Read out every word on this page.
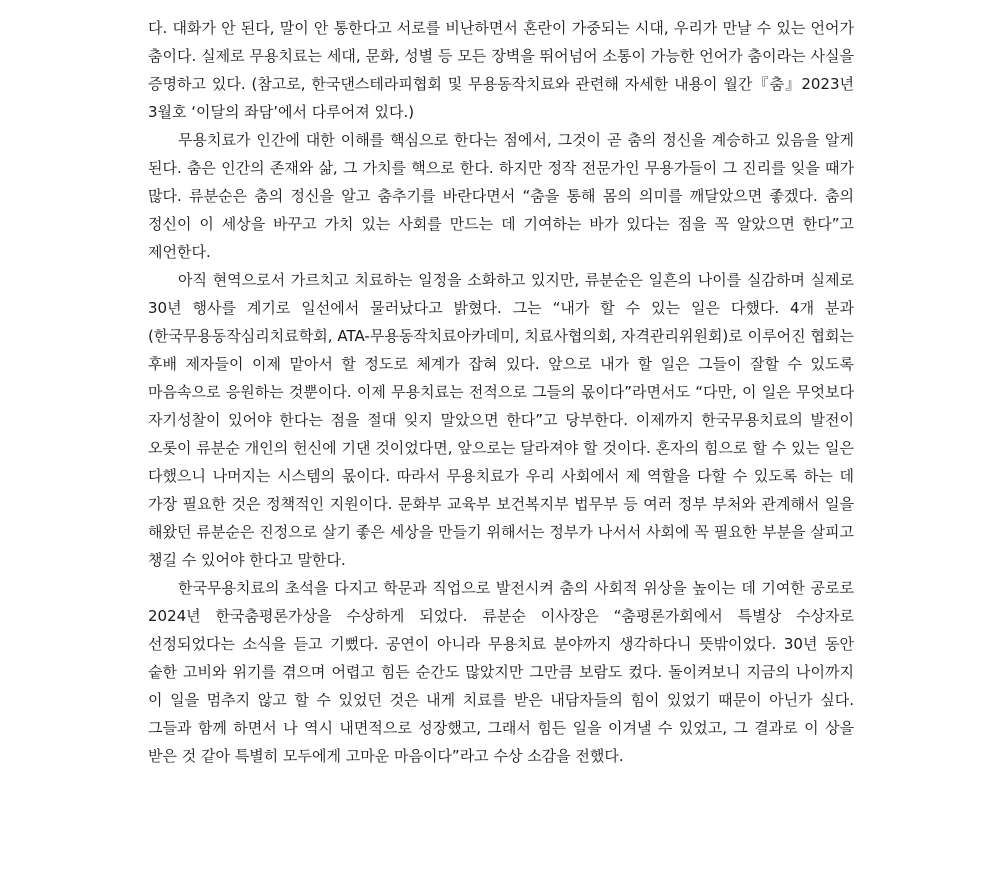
다. 대화가 안 된다, 말이 안 통한다고 서로를 비난하면서 혼란이 가중되는 시대, 우리가 만날 수 있는 언어가 춤이다. 실제로 무용치료는 세대, 문화, 성별 등 모든 장벽을 뛰어넘어 소통이 가능한 언어가 춤이라는 사실을 증명하고 있다. (참고로, 한국댄스테라피협회 및 무용동작치료와 관련해 자세한 내용이 월간『춤』2023년 3월호 ‘이달의 좌담’에서 다루어져 있다.)

무용치료가 인간에 대한 이해를 핵심으로 한다는 점에서, 그것이 곧 춤의 정신을 계승하고 있음을 알게 된다. 춤은 인간의 존재와 삶, 그 가치를 핵으로 한다. 하지만 정작 전문가인 무용가들이 그 진리를 잊을 때가 많다. 류분순은 춤의 정신을 알고 춤추기를 바란다면서 “춤을 통해 몸의 의미를 깨달았으면 좋겠다. 춤의 정신이 이 세상을 바꾸고 가치 있는 사회를 만드는 데 기여하는 바가 있다는 점을 꼭 알았으면 한다”고 제언한다.

아직 현역으로서 가르치고 치료하는 일정을 소화하고 있지만, 류분순은 일흔의 나이를 실감하며 실제로 30년 행사를 계기로 일선에서 물러났다고 밝혔다. 그는 “내가 할 수 있는 일은 다했다. 4개 분과(한국무용동작심리치료학회, ATA-무용동작치료아카데미, 치료사협의회, 자격관리위원회)로 이루어진 협회는 후배 제자들이 이제 맡아서 할 정도로 체계가 잡혀 있다. 앞으로 내가 할 일은 그들이 잘할 수 있도록 마음속으로 응원하는 것뿐이다. 이제 무용치료는 전적으로 그들의 몫이다”라면서도 “다만, 이 일은 무엇보다 자기성찰이 있어야 한다는 점을 절대 잊지 말았으면 한다”고 당부한다. 이제까지 한국무용치료의 발전이 오롯이 류분순 개인의 헌신에 기댄 것이었다면, 앞으로는 달라져야 할 것이다. 혼자의 힘으로 할 수 있는 일은 다했으니 나머지는 시스템의 몫이다. 따라서 무용치료가 우리 사회에서 제 역할을 다할 수 있도록 하는 데 가장 필요한 것은 정책적인 지원이다. 문화부 교육부 보건복지부 법무부 등 여러 정부 부처와 관계해서 일을 해왔던 류분순은 진정으로 살기 좋은 세상을 만들기 위해서는 정부가 나서서 사회에 꼭 필요한 부분을 살피고 챙길 수 있어야 한다고 말한다.

한국무용치료의 초석을 다지고 학문과 직업으로 발전시켜 춤의 사회적 위상을 높이는 데 기여한 공로로 2024년 한국춤평론가상을 수상하게 되었다. 류분순 이사장은 “춤평론가회에서 특별상 수상자로 선정되었다는 소식을 듣고 기뻤다. 공연이 아니라 무용치료 분야까지 생각하다니 뜻밖이었다. 30년 동안 숱한 고비와 위기를 겪으며 어렵고 힘든 순간도 많았지만 그만큼 보람도 컸다. 돌이켜보니 지금의 나이까지 이 일을 멈추지 않고 할 수 있었던 것은 내게 치료를 받은 내담자들의 힘이 있었기 때문이 아닌가 싶다. 그들과 함께 하면서 나 역시 내면적으로 성장했고, 그래서 힘든 일을 이겨낼 수 있었고, 그 결과로 이 상을 받은 것 같아 특별히 모두에게 고마운 마음이다”라고 수상 소감을 전했다.
